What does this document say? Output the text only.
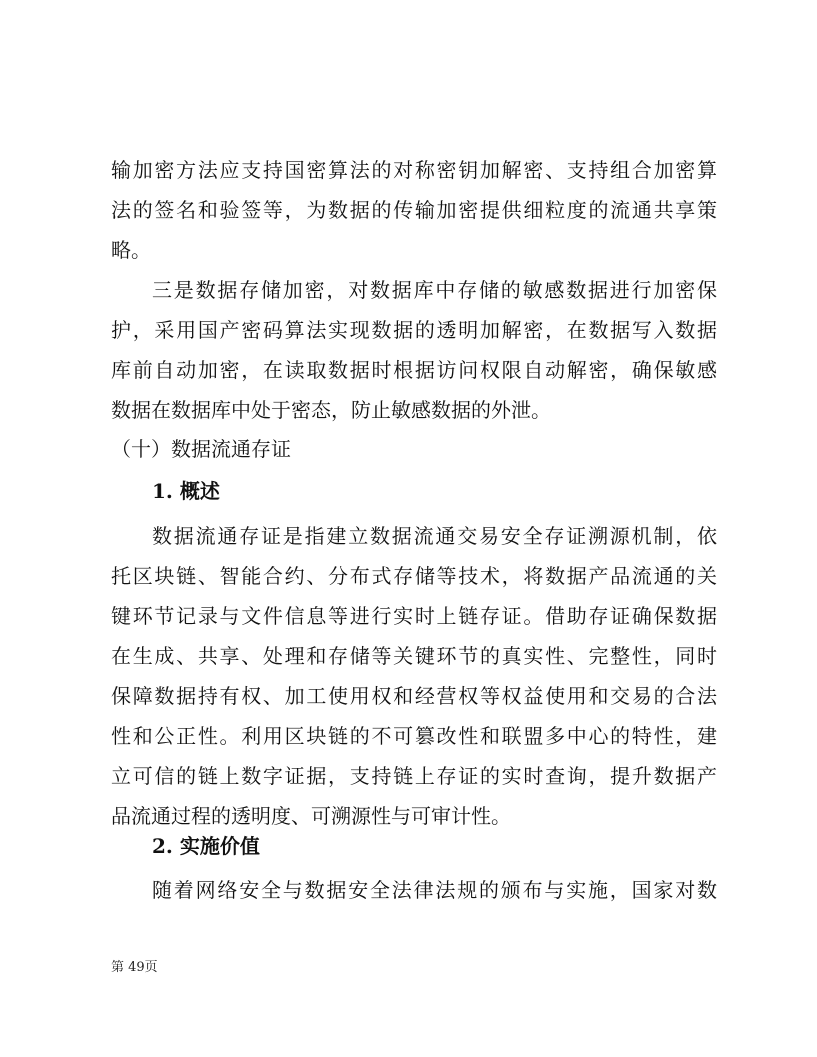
输加密方法应支持国密算法的对称密钥加解密、支持组合加密算
法的签名和验签等，为数据的传输加密提供细粒度的流通共享策
略。
三是数据存储加密，对数据库中存储的敏感数据进行加密保
护，采用国产密码算法实现数据的透明加解密，在数据写入数据
库前自动加密，在读取数据时根据访问权限自动解密，确保敏感
数据在数据库中处于密态，防止敏感数据的外泄。
（十）数据流通存证
1. 概述
数据流通存证是指建立数据流通交易安全存证溯源机制，依
托区块链、智能合约、分布式存储等技术，将数据产品流通的关
键环节记录与文件信息等进行实时上链存证。借助存证确保数据
在生成、共享、处理和存储等关键环节的真实性、完整性，同时
保障数据持有权、加工使用权和经营权等权益使用和交易的合法
性和公正性。利用区块链的不可篡改性和联盟多中心的特性，建
立可信的链上数字证据，支持链上存证的实时查询，提升数据产
品流通过程的透明度、可溯源性与可审计性。
2. 实施价值
随着网络安全与数据安全法律法规的颁布与实施，国家对数
第 49页
